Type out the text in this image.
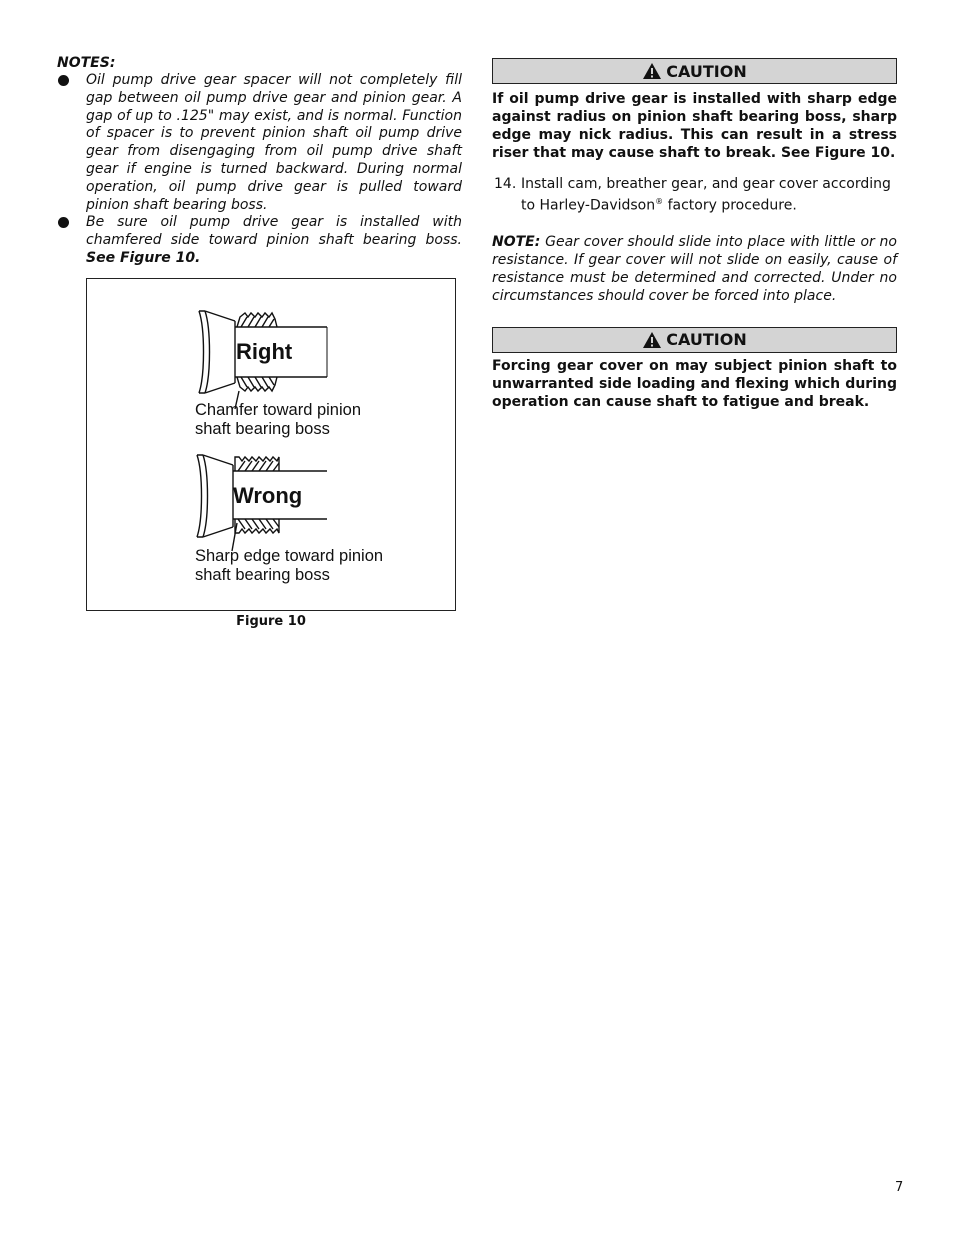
NOTES:

Oil pump drive gear spacer will not completely fill gap between oil pump drive gear and pinion gear. A gap of up to .125" may exist, and is normal. Function of spacer is to prevent pinion shaft oil pump drive gear from disengaging from oil pump drive shaft gear if engine is turned backward. During normal operation, oil pump drive gear is pulled toward pinion shaft bearing boss.
Be sure oil pump drive gear is installed with chamfered side toward pinion shaft bearing boss. See Figure 10.
Right
Wrong
Chamfer toward pinion
shaft bearing boss
Sharp edge toward pinion
shaft bearing boss
Figure 10
CAUTION

If oil pump drive gear is installed with sharp edge against radius on pinion shaft bearing boss, sharp edge may nick radius. This can result in a stress riser that may cause shaft to break. See Figure 10.

14. Install cam, breather gear, and gear cover according to Harley-Davidson® factory procedure.
NOTE: Gear cover should slide into place with little or no resistance. If gear cover will not slide on easily, cause of resistance must be determined and corrected. Under no circumstances should cover be forced into place.
CAUTION

Forcing gear cover on may subject pinion shaft to unwarranted side loading and flexing which during operation can cause shaft to fatigue and break.

7
